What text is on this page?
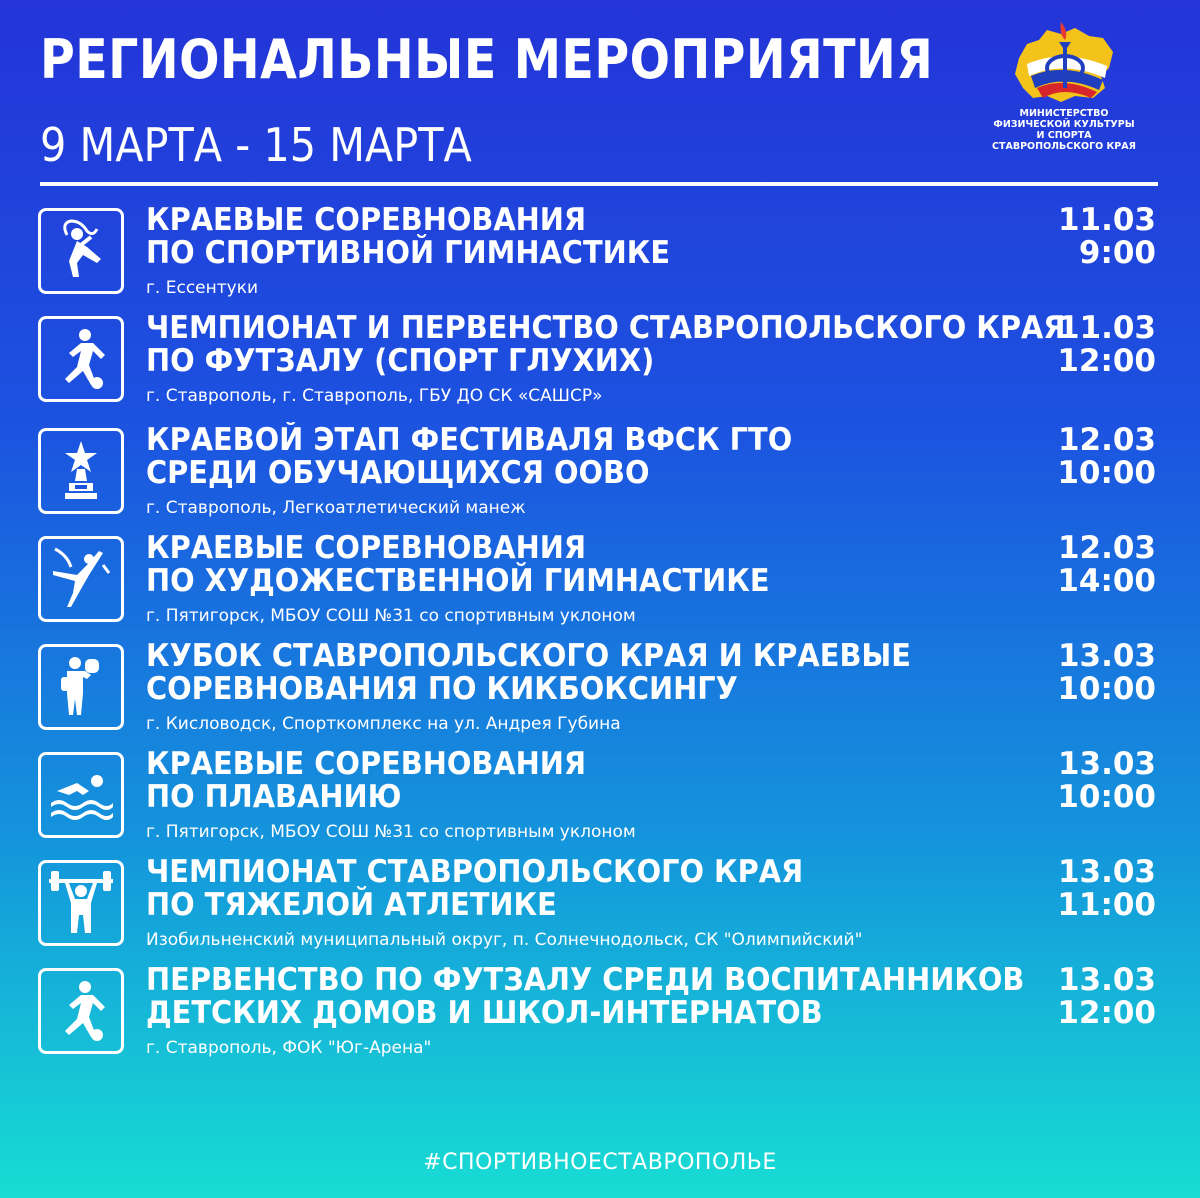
РЕГИОНАЛЬНЫЕ МЕРОПРИЯТИЯ
9 МАРТА - 15 МАРТА
МИНИСТЕРСТВО
ФИЗИЧЕСКОЙ КУЛЬТУРЫ И СПОРТА
СТАВРОПОЛЬСКОГО КРАЯ
КРАЕВЫЕ СОРЕВНОВАНИЯ
ПО СПОРТИВНОЙ ГИМНАСТИКЕ
г. Ессентуки
11.03
9:00
ЧЕМПИОНАТ И ПЕРВЕНСТВО СТАВРОПОЛЬСКОГО КРАЯ
ПО ФУТЗАЛУ (СПОРТ ГЛУХИХ)
г. Ставрополь, г. Ставрополь, ГБУ ДО СК «САШСР»
11.03
12:00
КРАЕВОЙ ЭТАП ФЕСТИВАЛЯ ВФСК ГТО
СРЕДИ ОБУЧАЮЩИХСЯ ООВО
г. Ставрополь, Легкоатлетический манеж
12.03
10:00
КРАЕВЫЕ СОРЕВНОВАНИЯ
ПО ХУДОЖЕСТВЕННОЙ ГИМНАСТИКЕ
г. Пятигорск, МБОУ СОШ №31 со спортивным уклоном
12.03
14:00
КУБОК СТАВРОПОЛЬСКОГО КРАЯ И КРАЕВЫЕ
СОРЕВНОВАНИЯ ПО КИКБОКСИНГУ
г. Кисловодск, Спорткомплекс на ул. Андрея Губина
13.03
10:00
КРАЕВЫЕ СОРЕВНОВАНИЯ
ПО ПЛАВАНИЮ
г. Пятигорск, МБОУ СОШ №31 со спортивным уклоном
13.03
10:00
ЧЕМПИОНАТ СТАВРОПОЛЬСКОГО КРАЯ
ПО ТЯЖЕЛОЙ АТЛЕТИКЕ
Изобильненский муниципальный округ, п. Солнечнодольск, СК "Олимпийский"
13.03
11:00
ПЕРВЕНСТВО ПО ФУТЗАЛУ СРЕДИ ВОСПИТАННИКОВ
ДЕТСКИХ ДОМОВ И ШКОЛ-ИНТЕРНАТОВ
г. Ставрополь, ФОК "Юг-Арена"
13.03
12:00
#СПОРТИВНОЕСТАВРОПОЛЬЕ
